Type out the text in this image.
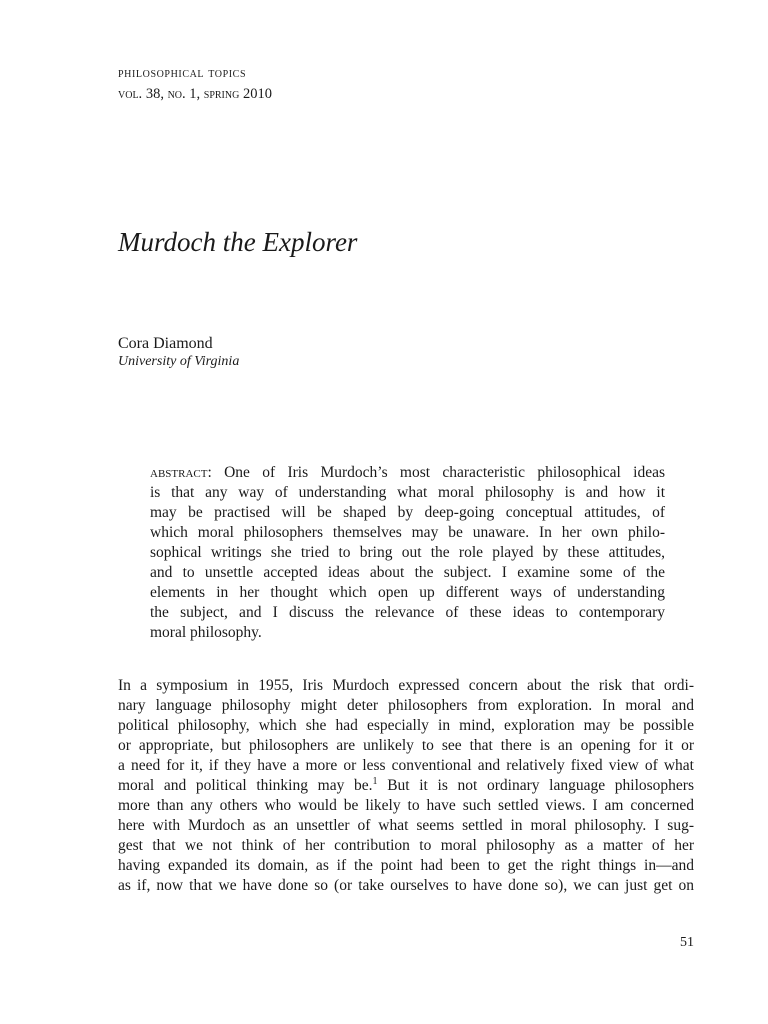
philosophical topics
vol. 38, no. 1, spring 2010
Murdoch the Explorer
Cora Diamond
University of Virginia
abstract: One of Iris Murdoch’s most characteristic philosophical ideas
is that any way of understanding what moral philosophy is and how it
may be practised will be shaped by deep-going conceptual attitudes, of
which moral philosophers themselves may be unaware. In her own philo-
sophical writings she tried to bring out the role played by these attitudes,
and to unsettle accepted ideas about the subject. I examine some of the
elements in her thought which open up different ways of understanding
the subject, and I discuss the relevance of these ideas to contemporary
moral philosophy.
In a symposium in 1955, Iris Murdoch expressed concern about the risk that ordi-
nary language philosophy might deter philosophers from exploration. In moral and
political philosophy, which she had especially in mind, exploration may be possible
or appropriate, but philosophers are unlikely to see that there is an opening for it or
a need for it, if they have a more or less conventional and relatively fixed view of what
moral and political thinking may be.$^1$ But it is not ordinary language philosophers
more than any others who would be likely to have such settled views. I am concerned
here with Murdoch as an unsettler of what seems settled in moral philosophy. I sug-
gest that we not think of her contribution to moral philosophy as a matter of her
having expanded its domain, as if the point had been to get the right things in—and
as if, now that we have done so (or take ourselves to have done so), we can just get on
51
